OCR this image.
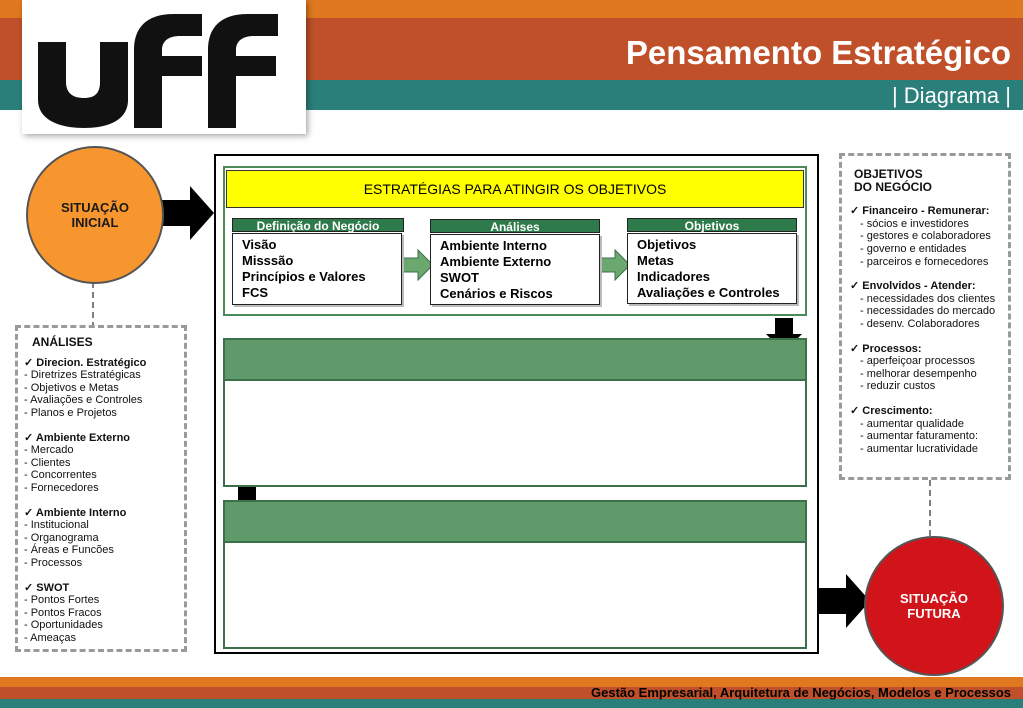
Pensamento Estratégico
| Diagrama |
SITUAÇÃO
INICIAL
SITUAÇÃO
FUTURA
ESTRATÉGIAS PARA ATINGIR OS OBJETIVOS
Definição do Negócio
Visão
Misssão
Princípios e Valores
FCS
Análises
Ambiente Interno
Ambiente Externo
SWOT
Cenários e Riscos
Objetivos
Objetivos
Metas
Indicadores
Avaliações e Controles
ANÁLISES
✓ Direcion. Estratégico
- Diretrizes Estratégicas
- Objetivos e Metas
- Avaliações e Controles
- Planos e Projetos
✓ Ambiente Externo
- Mercado
- Clientes
- Concorrentes
- Fornecedores
✓ Ambiente Interno
- Institucional
- Organograma
- Áreas e Funcões
- Processos
✓ SWOT
- Pontos Fortes
- Pontos Fracos
- Oportunidades
- Ameaças
OBJETIVOS
DO NEGÓCIO
✓ Financeiro - Remunerar:
- sócios e investidores
- gestores e colaboradores
- governo e entidades
- parceiros e fornecedores
✓ Envolvidos - Atender:
- necessidades dos clientes
- necessidades do mercado
- desenv. Colaboradores
✓ Processos:
- aperfeiçoar processos
- melhorar desempenho
- reduzir custos
✓ Crescimento:
- aumentar qualidade
- aumentar faturamento:
- aumentar lucratividade
Gestão Empresarial, Arquitetura de Negócios, Modelos e Processos
